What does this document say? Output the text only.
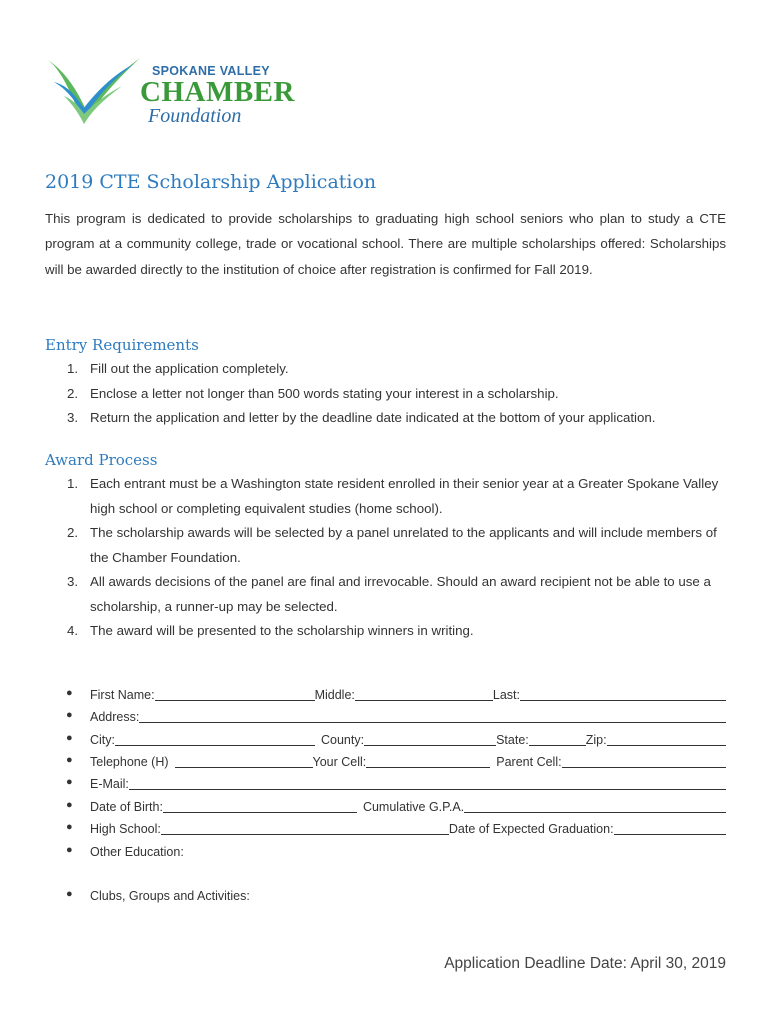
SPOKANE VALLEY
CHAMBER
Foundation
2019 CTE Scholarship Application

This program is dedicated to provide scholarships to graduating high school seniors who plan to study a CTE program at a community college, trade or vocational school. There are multiple scholarships offered: Scholarships will be awarded directly to the institution of choice after registration is confirmed for Fall 2019.

Entry Requirements
1. Fill out the application completely.
2. Enclose a letter not longer than 500 words stating your interest in a scholarship.
3. Return the application and letter by the deadline date indicated at the bottom of your application.
Award Process
1. Each entrant must be a Washington state resident enrolled in their senior year at a Greater Spokane Valley high school or completing equivalent studies (home school).
2. The scholarship awards will be selected by a panel unrelated to the applicants and will include members of the Chamber Foundation.
3. All awards decisions of the panel are final and irrevocable. Should an award recipient not be able to use a scholarship, a runner-up may be selected.
4. The award will be presented to the scholarship winners in writing.
● First Name:	Middle:	Last:
● Address:
● City:	County:	State:	Zip:
● Telephone (H)	Your Cell:	Parent Cell:
● E-Mail:
● Date of Birth:	Cumulative G.P.A.
● High School:	Date of Expected Graduation:
● Other Education:
● Clubs, Groups and Activities:
Application Deadline Date: April 30, 2019
